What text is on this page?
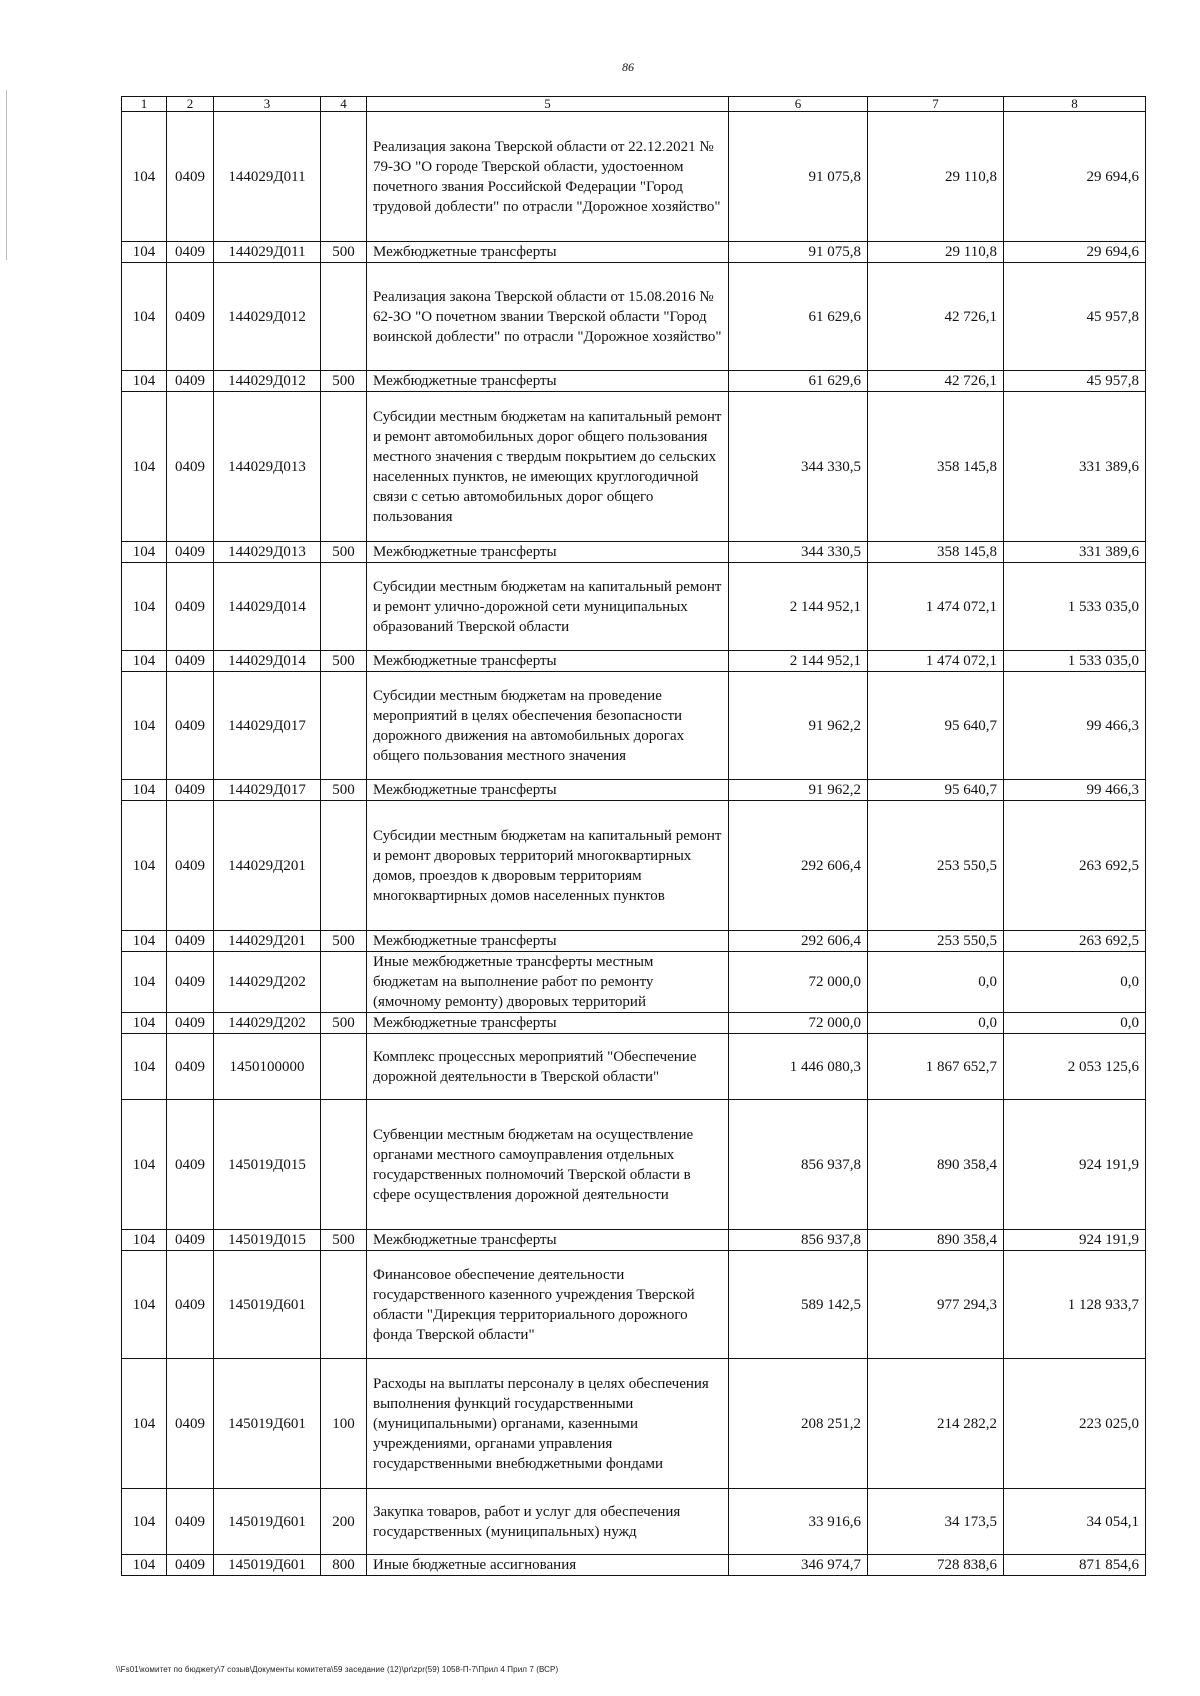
86
1	2	3	4	5	6	7	8
104	0409	144029Д011		Реализация закона Тверской области от 22.12.2021 № 79-ЗО "О городе Тверской области, удостоенном почетного звания Российской Федерации "Город трудовой доблести" по отрасли "Дорожное хозяйство"	91 075,8	29 110,8	29 694,6
104	0409	144029Д011	500	Межбюджетные трансферты	91 075,8	29 110,8	29 694,6
104	0409	144029Д012		Реализация закона Тверской области от 15.08.2016 № 62-ЗО "О почетном звании Тверской области "Город воинской доблести" по отрасли "Дорожное хозяйство"	61 629,6	42 726,1	45 957,8
104	0409	144029Д012	500	Межбюджетные трансферты	61 629,6	42 726,1	45 957,8
104	0409	144029Д013		Субсидии местным бюджетам на капитальный ремонт и ремонт автомобильных дорог общего пользования местного значения с твердым покрытием до сельских населенных пунктов, не имеющих круглогодичной связи с сетью автомобильных дорог общего пользования	344 330,5	358 145,8	331 389,6
104	0409	144029Д013	500	Межбюджетные трансферты	344 330,5	358 145,8	331 389,6
104	0409	144029Д014		Субсидии местным бюджетам на капитальный ремонт и ремонт улично-дорожной сети муниципальных образований Тверской области	2 144 952,1	1 474 072,1	1 533 035,0
104	0409	144029Д014	500	Межбюджетные трансферты	2 144 952,1	1 474 072,1	1 533 035,0
104	0409	144029Д017		Субсидии местным бюджетам на проведение мероприятий в целях обеспечения безопасности дорожного движения на автомобильных дорогах общего пользования местного значения	91 962,2	95 640,7	99 466,3
104	0409	144029Д017	500	Межбюджетные трансферты	91 962,2	95 640,7	99 466,3
104	0409	144029Д201		Субсидии местным бюджетам на капитальный ремонт и ремонт дворовых территорий многоквартирных домов, проездов к дворовым территориям многоквартирных домов населенных пунктов	292 606,4	253 550,5	263 692,5
104	0409	144029Д201	500	Межбюджетные трансферты	292 606,4	253 550,5	263 692,5
104	0409	144029Д202		Иные межбюджетные трансферты местным бюджетам на выполнение работ по ремонту (ямочному ремонту) дворовых территорий	72 000,0	0,0	0,0
104	0409	144029Д202	500	Межбюджетные трансферты	72 000,0	0,0	0,0
104	0409	1450100000		Комплекс процессных мероприятий "Обеспечение дорожной деятельности в Тверской области"	1 446 080,3	1 867 652,7	2 053 125,6
104	0409	145019Д015		Субвенции местным бюджетам на осуществление органами местного самоуправления отдельных государственных полномочий Тверской области в сфере осуществления дорожной деятельности	856 937,8	890 358,4	924 191,9
104	0409	145019Д015	500	Межбюджетные трансферты	856 937,8	890 358,4	924 191,9
104	0409	145019Д601		Финансовое обеспечение деятельности государственного казенного учреждения Тверской области "Дирекция территориального дорожного фонда Тверской области"	589 142,5	977 294,3	1 128 933,7
104	0409	145019Д601	100	Расходы на выплаты персоналу в целях обеспечения выполнения функций государственными (муниципальными) органами, казенными учреждениями, органами управления государственными внебюджетными фондами	208 251,2	214 282,2	223 025,0
104	0409	145019Д601	200	Закупка товаров, работ и услуг для обеспечения государственных (муниципальных) нужд	33 916,6	34 173,5	34 054,1
104	0409	145019Д601	800	Иные бюджетные ассигнования	346 974,7	728 838,6	871 854,6
\\Fs01\комитет по бюджету\7 созыв\Документы комитета\59 заседание (12)\pr\zpr(59) 1058-П-7\Прил 4 Прил 7 (ВСР)
